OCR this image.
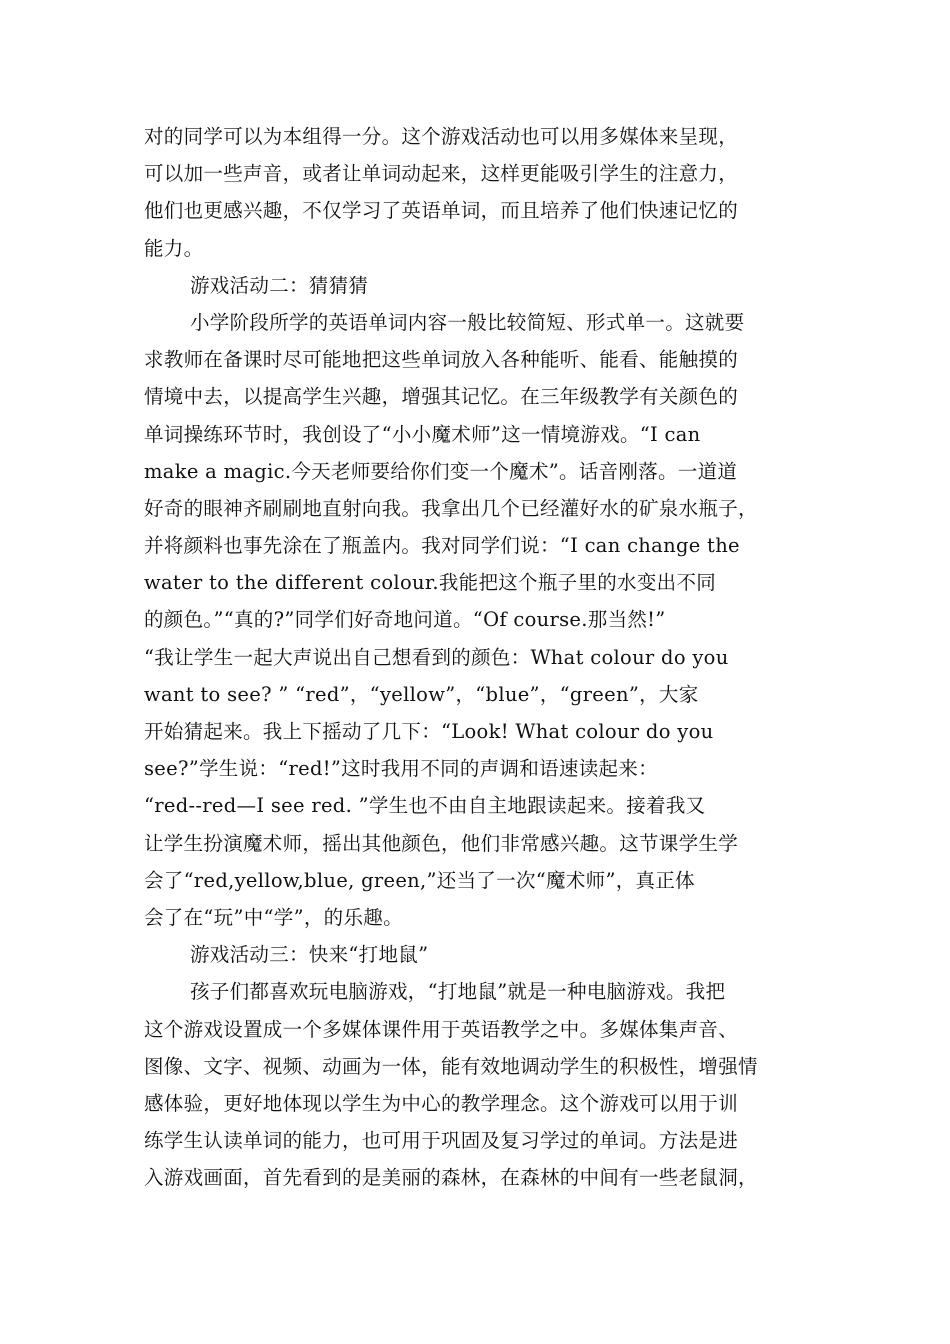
对的同学可以为本组得一分。这个游戏活动也可以用多媒体来呈现，
可以加一些声音，或者让单词动起来，这样更能吸引学生的注意力，
他们也更感兴趣，不仅学习了英语单词，而且培养了他们快速记忆的
能力。
游戏活动二：猜猜猜
小学阶段所学的英语单词内容一般比较简短、形式单一。这就要
求教师在备课时尽可能地把这些单词放入各种能听、能看、能触摸的
情境中去，以提高学生兴趣，增强其记忆。在三年级教学有关颜色的
单词操练环节时，我创设了“小小魔术师”这一情境游戏。“I can
make a magic.今天老师要给你们变一个魔术”。话音刚落。一道道
好奇的眼神齐刷刷地直射向我。我拿出几个已经灌好水的矿泉水瓶子，
并将颜料也事先涂在了瓶盖内。我对同学们说：“I can change the
water to the different colour.我能把这个瓶子里的水变出不同
的颜色。”“真的?”同学们好奇地问道。“Of course.那当然!”
“我让学生一起大声说出自己想看到的颜色：What colour do you
want to see? ” “red”，“yellow”，“blue”，“green”，大家
开始猜起来。我上下摇动了几下：“Look! What colour do you
see?”学生说：“red!”这时我用不同的声调和语速读起来：
“red--red—I see red. ”学生也不由自主地跟读起来。接着我又
让学生扮演魔术师，摇出其他颜色，他们非常感兴趣。这节课学生学
会了“red,yellow,blue, green,”还当了一次“魔术师”，真正体
会了在“玩”中“学”，的乐趣。
游戏活动三：快来“打地鼠”
孩子们都喜欢玩电脑游戏，“打地鼠”就是一种电脑游戏。我把
这个游戏设置成一个多媒体课件用于英语教学之中。多媒体集声音、
图像、文字、视频、动画为一体，能有效地调动学生的积极性，增强情
感体验，更好地体现以学生为中心的教学理念。这个游戏可以用于训
练学生认读单词的能力，也可用于巩固及复习学过的单词。方法是进
入游戏画面，首先看到的是美丽的森林，在森林的中间有一些老鼠洞，
